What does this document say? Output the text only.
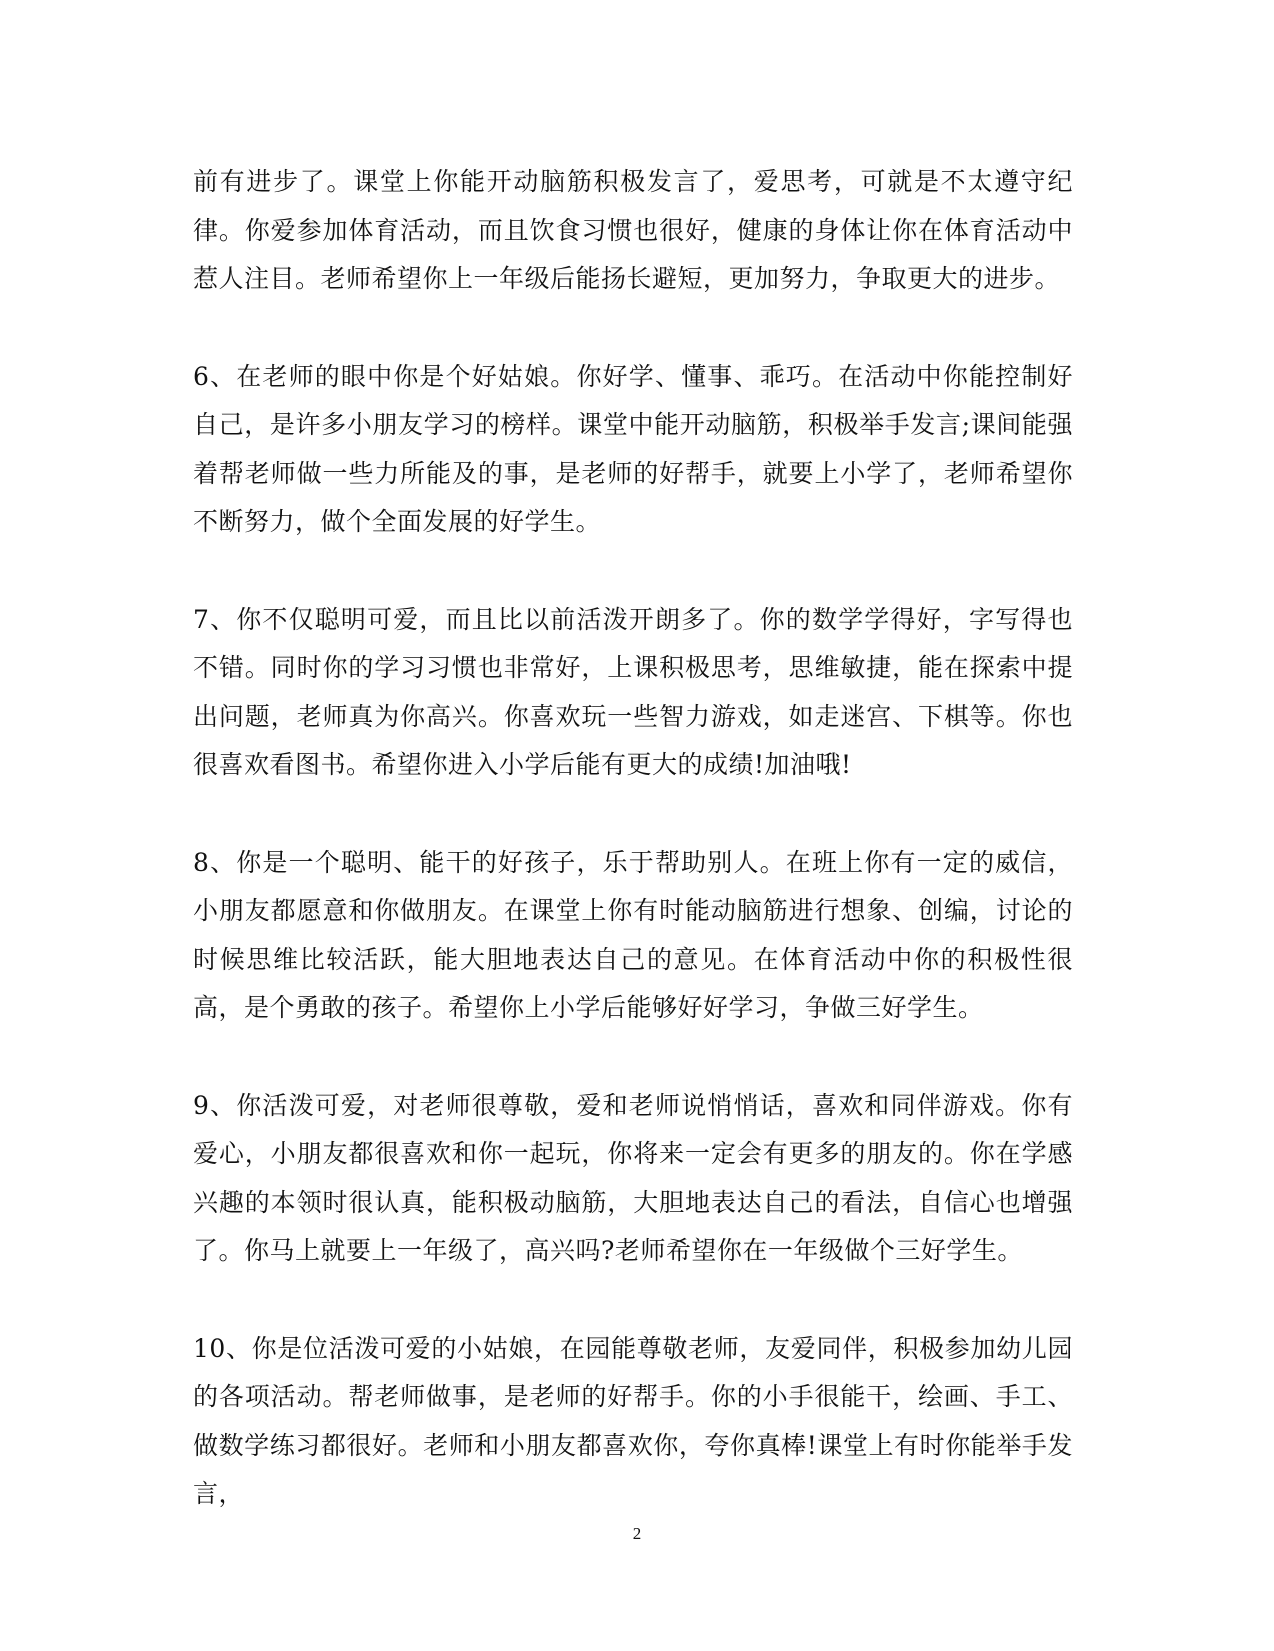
前有进步了。课堂上你能开动脑筋积极发言了，爱思考，可就是不太遵守纪律。你爱参加体育活动，而且饮食习惯也很好，健康的身体让你在体育活动中惹人注目。老师希望你上一年级后能扬长避短，更加努力，争取更大的进步。

6、在老师的眼中你是个好姑娘。你好学、懂事、乖巧。在活动中你能控制好自己，是许多小朋友学习的榜样。课堂中能开动脑筋，积极举手发言;课间能强着帮老师做一些力所能及的事，是老师的好帮手，就要上小学了，老师希望你不断努力，做个全面发展的好学生。

7、你不仅聪明可爱，而且比以前活泼开朗多了。你的数学学得好，字写得也不错。同时你的学习习惯也非常好，上课积极思考，思维敏捷，能在探索中提出问题，老师真为你高兴。你喜欢玩一些智力游戏，如走迷宫、下棋等。你也很喜欢看图书。希望你进入小学后能有更大的成绩!加油哦!

8、你是一个聪明、能干的好孩子，乐于帮助别人。在班上你有一定的威信，小朋友都愿意和你做朋友。在课堂上你有时能动脑筋进行想象、创编，讨论的时候思维比较活跃，能大胆地表达自己的意见。在体育活动中你的积极性很高，是个勇敢的孩子。希望你上小学后能够好好学习，争做三好学生。

9、你活泼可爱，对老师很尊敬，爱和老师说悄悄话，喜欢和同伴游戏。你有爱心，小朋友都很喜欢和你一起玩，你将来一定会有更多的朋友的。你在学感兴趣的本领时很认真，能积极动脑筋，大胆地表达自己的看法，自信心也增强了。你马上就要上一年级了，高兴吗?老师希望你在一年级做个三好学生。

10、你是位活泼可爱的小姑娘，在园能尊敬老师，友爱同伴，积极参加幼儿园的各项活动。帮老师做事，是老师的好帮手。你的小手很能干，绘画、手工、做数学练习都很好。老师和小朋友都喜欢你，夸你真棒!课堂上有时你能举手发言，

2
